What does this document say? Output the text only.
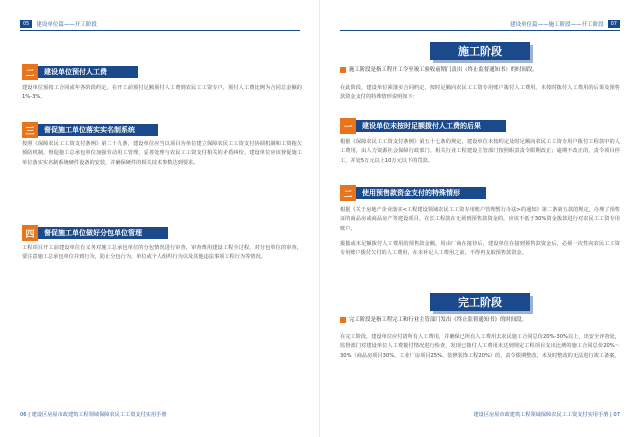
05	建设单位篇——开工阶段
二	建设单位预付人工费
建设单位预按工合同或年各阶段约定，在开工前预付足额预付人工费到农民工工资专户，预付人工费比例为合同总金额的1%-3%。
三	督促施工单位落实实名制系统
按照《保障农民工工资支付条例》第二十九条，建设单位应当以项目为单位建立保障农民工工资支付协调机制和工资拖欠预防机制，督促施工总承包单位加强劳动用工管理，妥善处理与农民工工资支付相关的矛盾纠纷。建设单位应该督促施工单位落实实名制系统硬件设备的安装，并确保硬件的相关技术参数达到要求。
四	督促施工单位做好分包单位管理
工程项目开工前建设单位有义务对施工总承包单位的分包情况进行审查，审查费用建设工程全过程，对分包单位的审查，要注意施工总承包单位并到行为，防止分包行为，单位或个人组织行为以及其他违法事项工程行为等情况。
06 | 建设区房屋市政建筑工程领域保障农民工工资支付实用手册
建设单位篇——施工阶段——开工阶段	07
施工阶段
施工阶段是指工程开工令至竣工验收前期门责出（终止监督通知书）的时间段。
在此阶段，建设单位须落实合同约定，按时足额向农民工工资专用账户拨付人工费用。未按时拨付人工费用的后果及预售款资金支付的特殊情形说明如下：
一	建设单位未按时足额拨付人工费的后果
根据《保障农民工工资支付条例》第五十七条的规定，建设单位未按约定及时足额向农民工工资专用户拨付工程款中的人工费用，由人力资源社会保障行政部门、相关行业工程建设主管部门按照职责责令限期改正；逾期不改正的，责令项目停工，并处5万元以上10万元以下的罚款。
二	使用预售款资金支付的特殊情形
根据《关于房地产企业落实<工程建设领域农民工工资专用账户管理暂行办法>的通知》第二条第五款的规定，办理了预售证的商品房或商品房产等建设项目，在长工程款在无须到预售款资金的，应该不低于30%资金拨款进行对农民工工资专用账户。
拨拨或未足额拨付人工费用的预售款金额，用由厂商在接待后，建设单位在接到预售款资金后，必须一次性向农民工工资专用账户拨付欠付的人工费用，在未补足人工费用之前，不得再支取预售款资金。
完工阶段
完工阶段是指工程完工和行业主管部门发出《终止监督通知书》的时间段。
在完工阶段，建设单位应付清所有人工费用，并确保已所有人工费用去农民施工合同总价20%-30%以上，出安全评查处，监督部门对建设单位人工费拨付情况进行检查，发现已拨付人工费用未达到规定工程项目支出比例的施工合同总价20%～30%（商品房项目30%、工业厂房项目25%、装修装饰工程20%）的，责令限期整改，未及时整改的无法进行竣工备案。
建设区房屋市政建筑工程领域保障农民工工资支付实用手册 | 07
